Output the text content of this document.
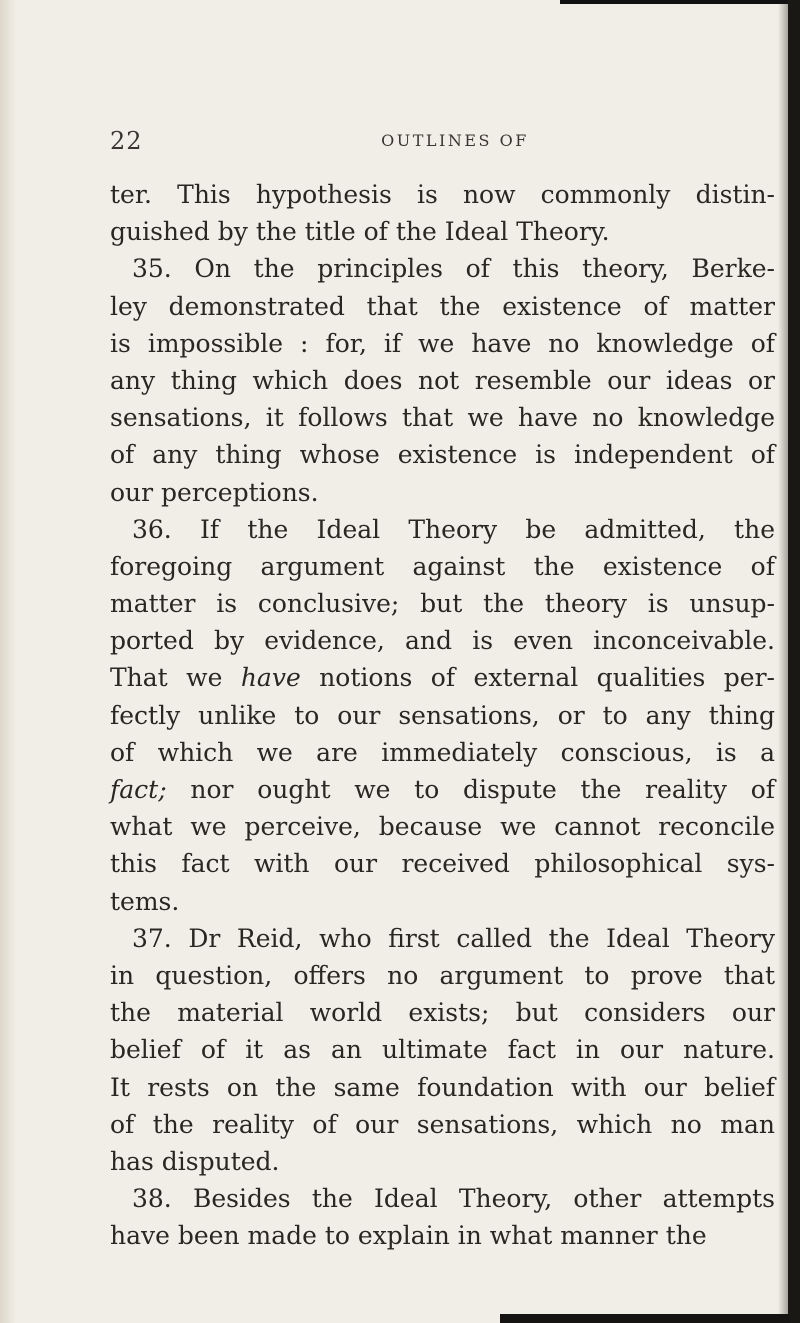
22	OUTLINES OF
ter. This hypothesis is now commonly distin-
guished by the title of the Ideal Theory.
35. On the principles of this theory, Berke-
ley demonstrated that the existence of matter
is impossible : for, if we have no knowledge of
any thing which does not resemble our ideas or
sensations, it follows that we have no knowledge
of any thing whose existence is independent of
our perceptions.
36. If the Ideal Theory be admitted, the
foregoing argument against the existence of
matter is conclusive; but the theory is unsup-
ported by evidence, and is even inconceivable.
That we have notions of external qualities per-
fectly unlike to our sensations, or to any thing
of which we are immediately conscious, is a
fact; nor ought we to dispute the reality of
what we perceive, because we cannot reconcile
this fact with our received philosophical sys-
tems.
37. Dr Reid, who first called the Ideal Theory
in question, offers no argument to prove that
the material world exists; but considers our
belief of it as an ultimate fact in our nature.
It rests on the same foundation with our belief
of the reality of our sensations, which no man
has disputed.
38. Besides the Ideal Theory, other attempts
have been made to explain in what manner the
